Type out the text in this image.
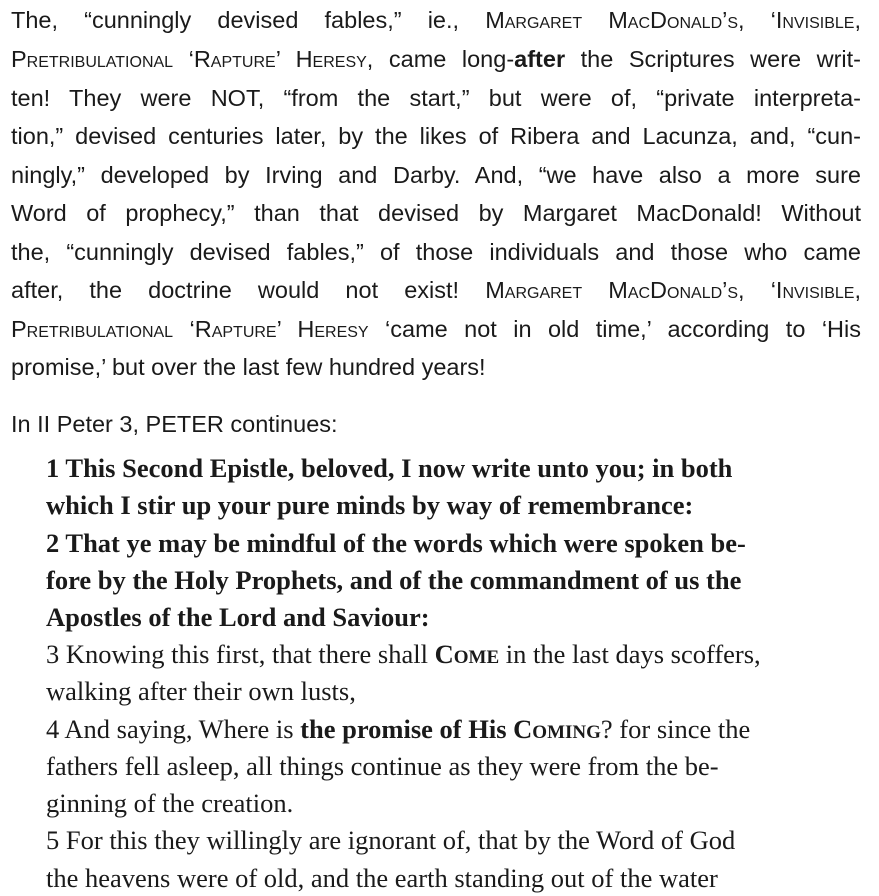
The, “cunningly devised fables,” ie., Margaret MacDonald’s, ‘Invisible,

Pretribulational ‘Rapture’ Heresy, came long-after the Scriptures were writ-

ten! They were NOT, “from the start,” but were of, “private interpreta-

tion,” devised centuries later, by the likes of Ribera and Lacunza, and, “cun-

ningly,” developed by Irving and Darby. And, “we have also a more sure

Word of prophecy,” than that devised by Margaret MacDonald! Without

the, “cunningly devised fables,” of those individuals and those who came

after, the doctrine would not exist! Margaret MacDonald’s, ‘Invisible,

Pretribulational ‘Rapture’ Heresy ‘came not in old time,’ according to ‘His

promise,’ but over the last few hundred years!

In II Peter 3, PETER continues:

1 This Second Epistle, beloved, I now write unto you; in both

which I stir up your pure minds by way of remembrance:

2 That ye may be mindful of the words which were spoken be-

fore by the Holy Prophets, and of the commandment of us the

Apostles of the Lord and Saviour:

3 Knowing this first, that there shall Come in the last days scoffers,

walking after their own lusts,

4 And saying, Where is the promise of His Coming? for since the

fathers fell asleep, all things continue as they were from the be-

ginning of the creation.

5 For this they willingly are ignorant of, that by the Word of God

the heavens were of old, and the earth standing out of the water
